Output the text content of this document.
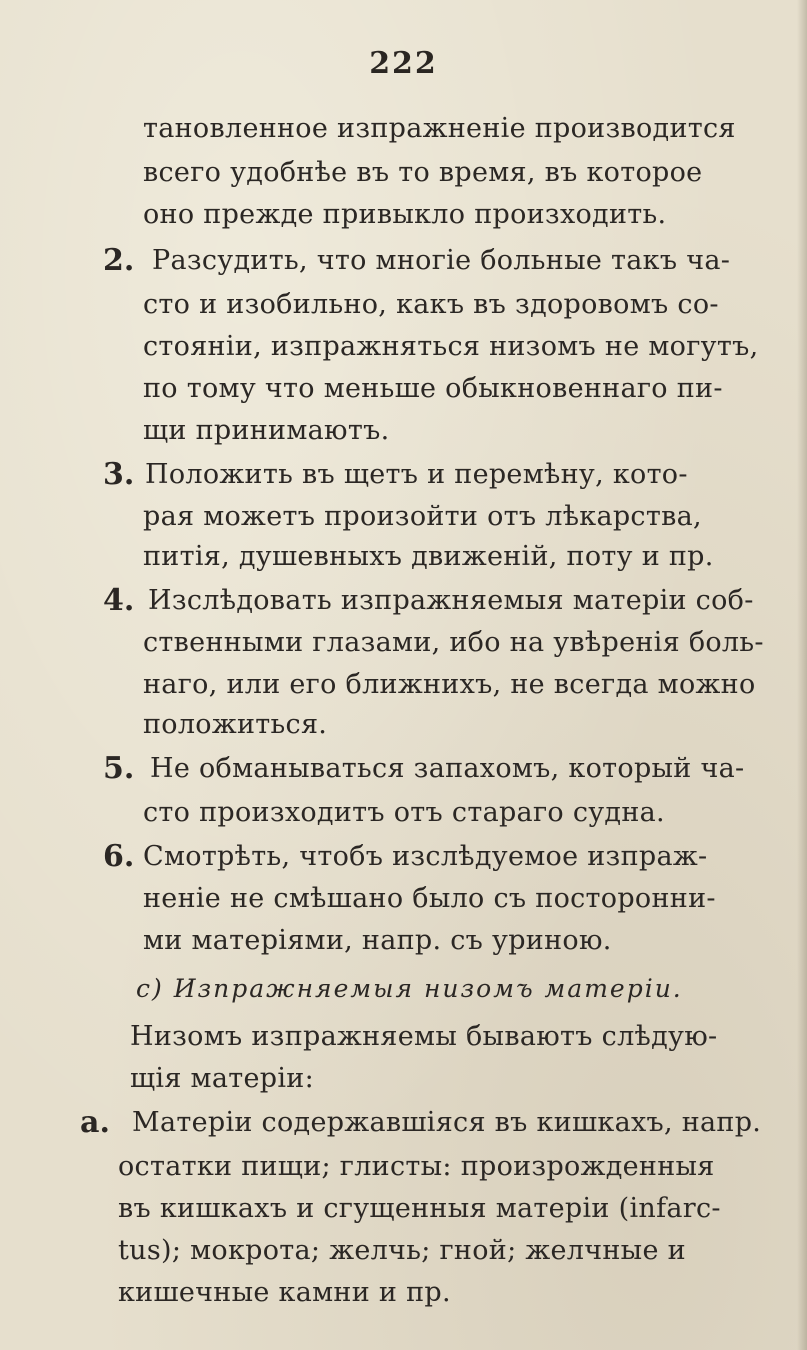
222
тановленное изпражненіе производится
всего удобнѣе въ то время, въ которое
оно прежде привыкло произходить.
Разсудить, что многіе больные такъ ча-
сто и изобильно, какъ въ здоровомъ со-
стояніи, изпражняться низомъ не могутъ,
по тому что меньше обыкновеннаго пи-
щи принимаютъ.
Положить въ щетъ и перемѣну, кото-
рая можетъ произойти отъ лѣкарства,
питія, душевныхъ движеній, поту и пр.
Изслѣдовать изпражняемыя матеріи соб-
ственными глазами, ибо на увѣренія боль-
наго, или его ближнихъ, не всегда можно
положиться.
Не обманываться запахомъ, который ча-
сто произходитъ отъ стараго судна.
Смотрѣть, чтобъ изслѣдуемое изпраж-
неніе не смѣшано было съ посторонни-
ми матеріями, напр. съ уриною.
Низомъ изпражняемы бываютъ слѣдую-
щія матеріи:
Матеріи содержавшіяся въ кишкахъ, напр.
остатки пищи; глисты: произрожденныя
въ кишкахъ и сгущенныя матеріи (infarc-
tus); мокрота; желчь; гной; желчные и
кишечные камни и пр.
2.
3.
4.
5.
6.
a.
c) Изпражняемыя низомъ матеріи.
